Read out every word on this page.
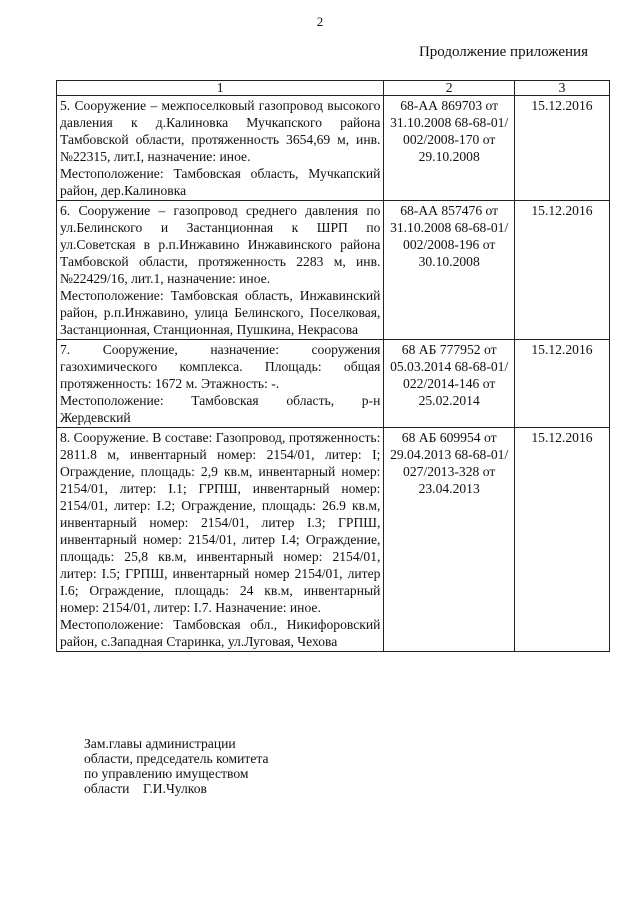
2
Продолжение приложения
1	2	3

5. Сооружение – межпоселковый газопровод высокого давления к д.Калиновка Мучкапского района Тамбовской области, протяженность 3654,69 м, инв.№22315, лит.I, назначение: иное.
Местоположение: Тамбовская область, Мучкапский район, дер.Калиновка	68-АА 869703 от 31.10.2008 68-68-01/ 002/2008-170 от 29.10.2008	15.12.2016

6. Сооружение – газопровод среднего давления по ул.Белинского и Застанционная к ШРП по ул.Советская в р.п.Инжавино Инжавинского района Тамбовской области, протяженность 2283 м, инв.№22429/16, лит.1, назначение: иное.
Местоположение: Тамбовская область, Инжавинский район, р.п.Инжавино, улица Белинского, Поселковая, Застанционная, Станционная, Пушкина, Некрасова	68-АА 857476 от 31.10.2008 68-68-01/ 002/2008-196 от 30.10.2008	15.12.2016

7. Сооружение, назначение: сооружения газохимического комплекса. Площадь: общая протяженность: 1672 м. Этажность: -.
Местоположение: Тамбовская область, р-н Жердевский	68 АБ 777952 от 05.03.2014 68-68-01/ 022/2014-146 от 25.02.2014	15.12.2016

8. Сооружение. В составе: Газопровод, протяженность: 2811.8 м, инвентарный номер: 2154/01, литер: I; Ограждение, площадь: 2,9 кв.м, инвентарный номер: 2154/01, литер: I.1; ГРПШ, инвентарный номер: 2154/01, литер: I.2; Ограждение, площадь: 26.9 кв.м, инвентарный номер: 2154/01, литер I.3; ГРПШ, инвентарный номер: 2154/01, литер I.4; Ограждение, площадь: 25,8 кв.м, инвентарный номер: 2154/01, литер: I.5; ГРПШ, инвентарный номер 2154/01, литер I.6; Ограждение, площадь: 24 кв.м, инвентарный номер: 2154/01, литер: I.7. Назначение: иное.
Местоположение: Тамбовская обл., Никифоровский район, с.Западная Старинка, ул.Луговая, Чехова	68 АБ 609954 от 29.04.2013 68-68-01/ 027/2013-328 от 23.04.2013	15.12.2016
Зам.главы администрации
области, председатель комитета
по управлению имуществом
области    Г.И.Чулков
